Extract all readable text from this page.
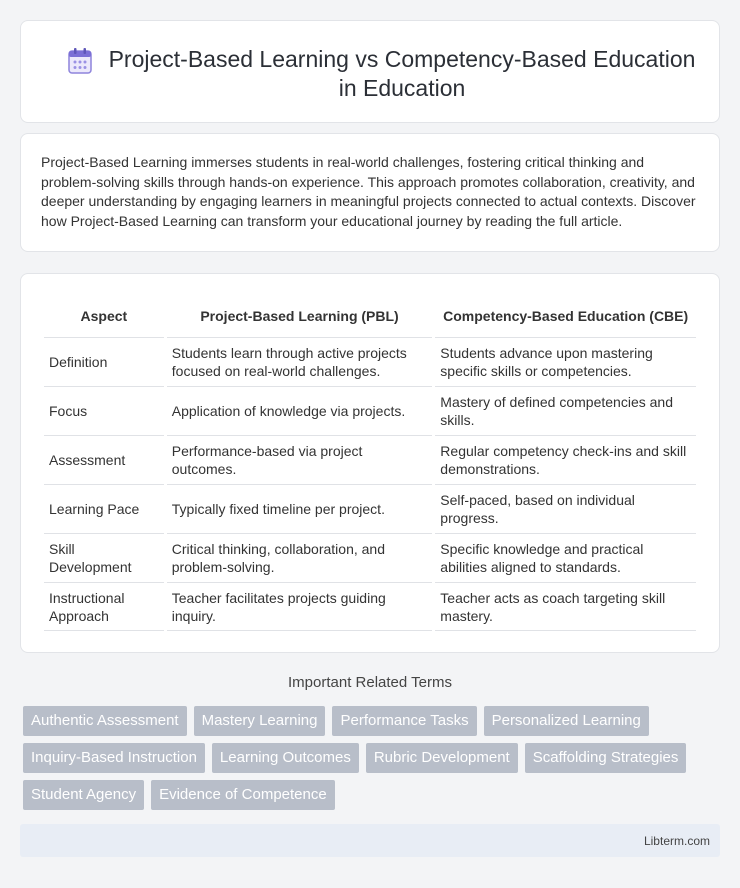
Project-Based Learning vs Competency-Based Education in Education

Project-Based Learning immerses students in real-world challenges, fostering critical thinking and problem-solving skills through hands-on experience. This approach promotes collaboration, creativity, and deeper understanding by engaging learners in meaningful projects connected to actual contexts. Discover how Project-Based Learning can transform your educational journey by reading the full article.

Aspect	Project-Based Learning (PBL)	Competency-Based Education (CBE)
Definition	Students learn through active projects focused on real-world challenges.	Students advance upon mastering specific skills or competencies.
Focus	Application of knowledge via projects.	Mastery of defined competencies and skills.
Assessment	Performance-based via project outcomes.	Regular competency check-ins and skill demonstrations.
Learning Pace	Typically fixed timeline per project.	Self-paced, based on individual progress.
Skill Development	Critical thinking, collaboration, and problem-solving.	Specific knowledge and practical abilities aligned to standards.
Instructional Approach	Teacher facilitates projects guiding inquiry.	Teacher acts as coach targeting skill mastery.
Important Related Terms
Authentic Assessment	Mastery Learning	Performance Tasks	Personalized Learning
Inquiry-Based Instruction	Learning Outcomes	Rubric Development	Scaffolding Strategies
Student Agency	Evidence of Competence
Libterm.com
